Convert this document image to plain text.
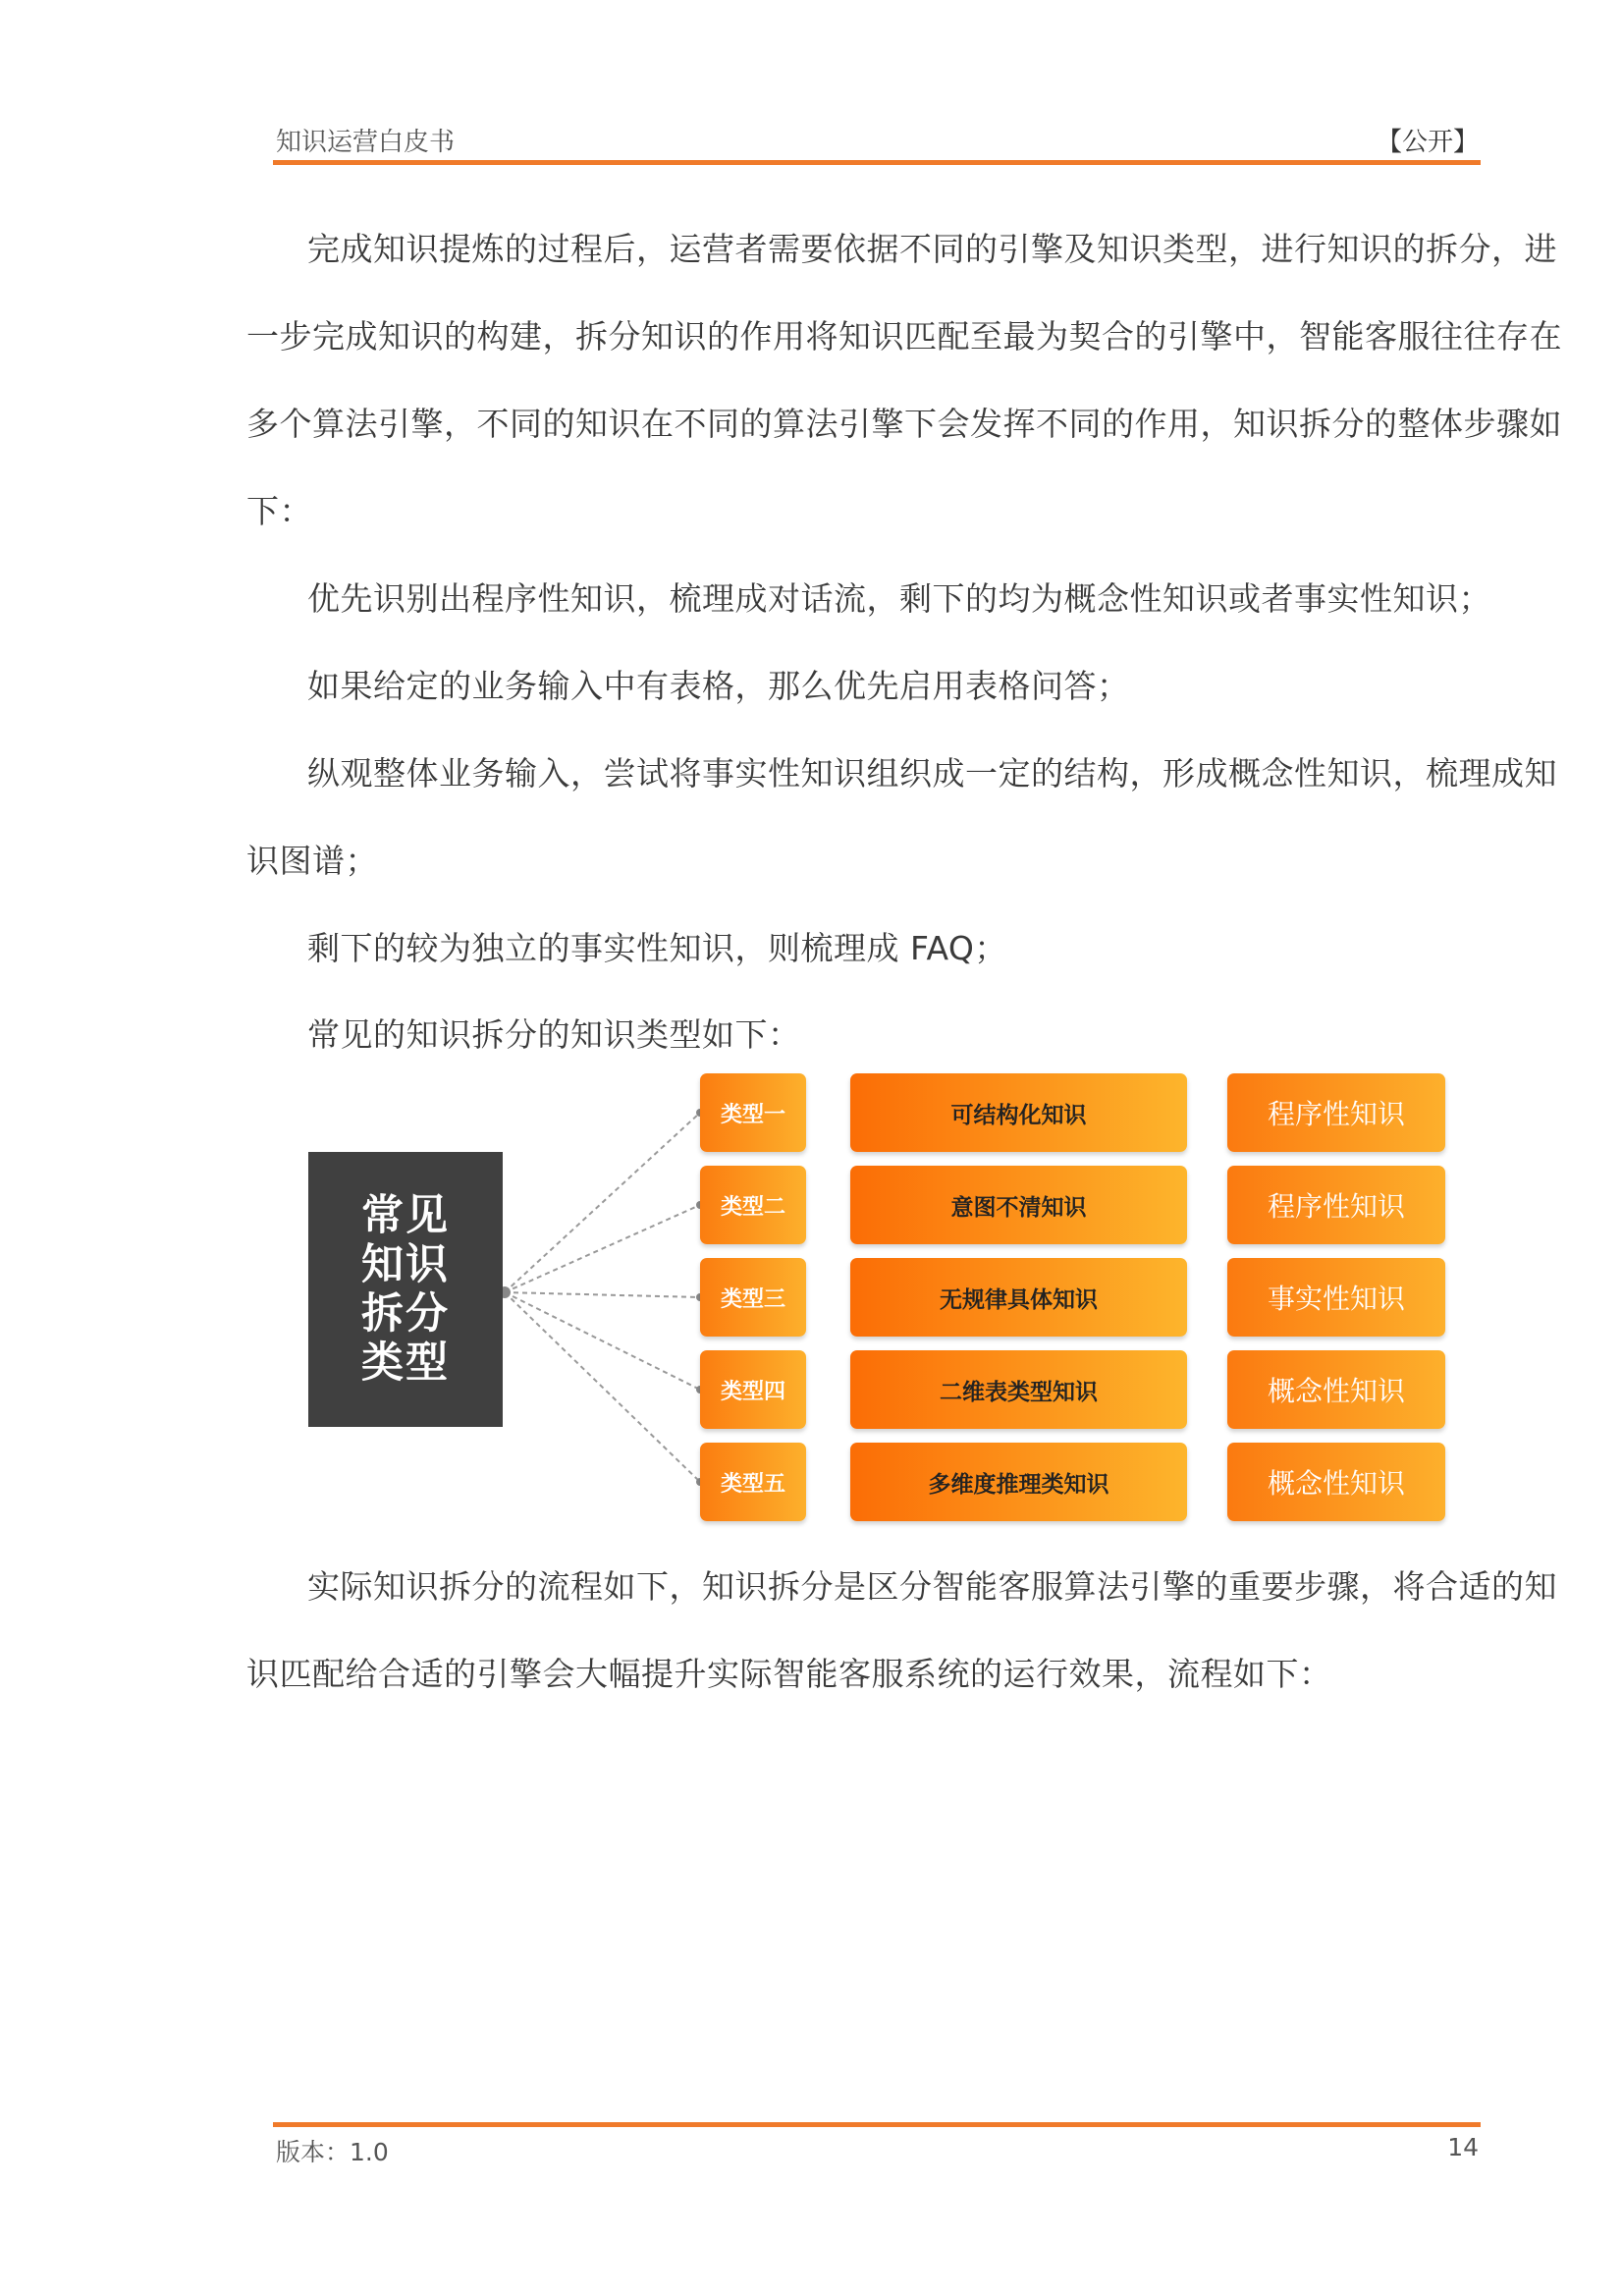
知识运营白皮书	【公开】
完成知识提炼的过程后，运营者需要依据不同的引擎及知识类型，进行知识的拆分，进
一步完成知识的构建，拆分知识的作用将知识匹配至最为契合的引擎中，智能客服往往存在
多个算法引擎，不同的知识在不同的算法引擎下会发挥不同的作用，知识拆分的整体步骤如
下：
优先识别出程序性知识，梳理成对话流，剩下的均为概念性知识或者事实性知识；
如果给定的业务输入中有表格，那么优先启用表格问答；
纵观整体业务输入，尝试将事实性知识组织成一定的结构，形成概念性知识，梳理成知
识图谱；
剩下的较为独立的事实性知识，则梳理成 FAQ；
常见的知识拆分的知识类型如下：
常见
知识
拆分
类型
类型一	可结构化知识	程序性知识
类型二	意图不清知识	程序性知识
类型三	无规律具体知识	事实性知识
类型四	二维表类型知识	概念性知识
类型五	多维度推理类知识	概念性知识
实际知识拆分的流程如下，知识拆分是区分智能客服算法引擎的重要步骤，将合适的知
识匹配给合适的引擎会大幅提升实际智能客服系统的运行效果，流程如下：
版本：1.0	14
